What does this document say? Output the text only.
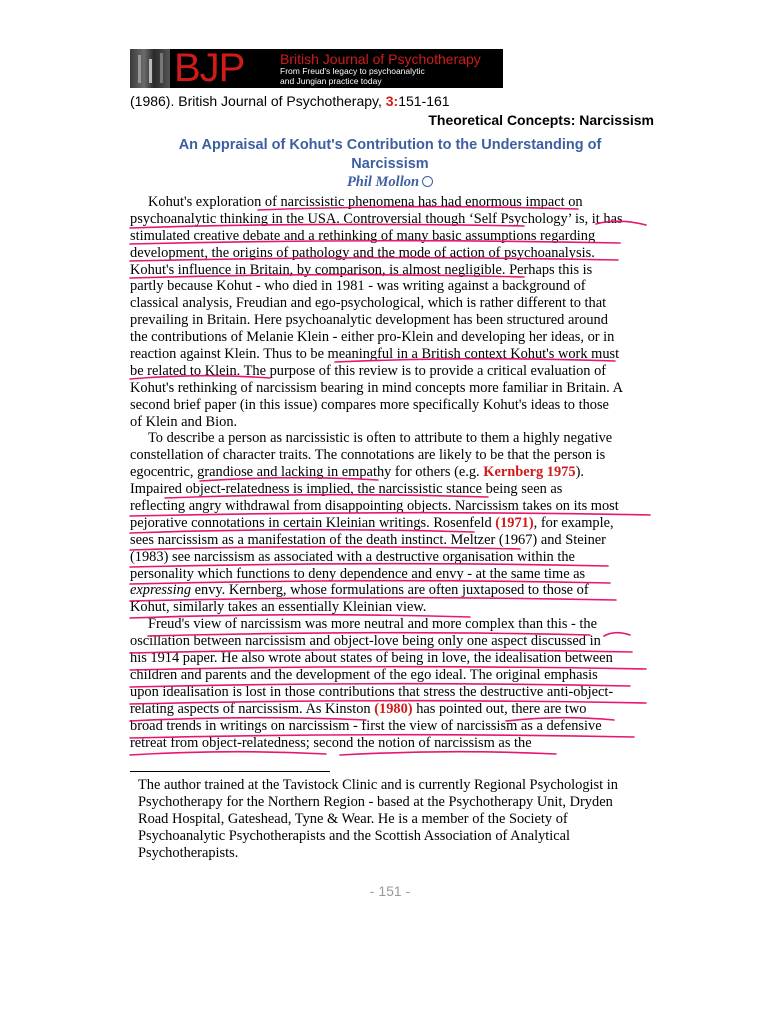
BJP	British Journal of Psychotherapy
From Freud's legacy to psychoanalytic
and Jungian practice today
(1986). British Journal of Psychotherapy, 3:151-161
Theoretical Concepts: Narcissism
An Appraisal of Kohut's Contribution to the Understanding of
Narcissism
Phil Mollon
Kohut's exploration of narcissistic phenomena has had enormous impact on
psychoanalytic thinking in the USA. Controversial though ‘Self Psychology’ is, it has
stimulated creative debate and a rethinking of many basic assumptions regarding
development, the origins of pathology and the mode of action of psychoanalysis.
Kohut's influence in Britain, by comparison, is almost negligible. Perhaps this is
partly because Kohut - who died in 1981 - was writing against a background of
classical analysis, Freudian and ego-psychological, which is rather different to that
prevailing in Britain. Here psychoanalytic development has been structured around
the contributions of Melanie Klein - either pro-Klein and developing her ideas, or in
reaction against Klein. Thus to be meaningful in a British context Kohut's work must
be related to Klein. The purpose of this review is to provide a critical evaluation of
Kohut's rethinking of narcissism bearing in mind concepts more familiar in Britain. A
second brief paper (in this issue) compares more specifically Kohut's ideas to those
of Klein and Bion.
To describe a person as narcissistic is often to attribute to them a highly negative
constellation of character traits. The connotations are likely to be that the person is
egocentric, grandiose and lacking in empathy for others (e.g. Kernberg 1975).
Impaired object-relatedness is implied, the narcissistic stance being seen as
reflecting angry withdrawal from disappointing objects. Narcissism takes on its most
pejorative connotations in certain Kleinian writings. Rosenfeld (1971), for example,
sees narcissism as a manifestation of the death instinct. Meltzer (1967) and Steiner
(1983) see narcissism as associated with a destructive organisation within the
personality which functions to deny dependence and envy - at the same time as
expressing envy. Kernberg, whose formulations are often juxtaposed to those of
Kohut, similarly takes an essentially Kleinian view.
Freud's view of narcissism was more neutral and more complex than this - the
oscillation between narcissism and object-love being only one aspect discussed in
his 1914 paper. He also wrote about states of being in love, the idealisation between
children and parents and the development of the ego ideal. The original emphasis
upon idealisation is lost in those contributions that stress the destructive anti-object-
relating aspects of narcissism. As Kinston (1980) has pointed out, there are two
broad trends in writings on narcissism - first the view of narcissism as a defensive
retreat from object-relatedness; second the notion of narcissism as the
The author trained at the Tavistock Clinic and is currently Regional Psychologist in
Psychotherapy for the Northern Region - based at the Psychotherapy Unit, Dryden
Road Hospital, Gateshead, Tyne & Wear. He is a member of the Society of
Psychoanalytic Psychotherapists and the Scottish Association of Analytical
Psychotherapists.
- 151 -
